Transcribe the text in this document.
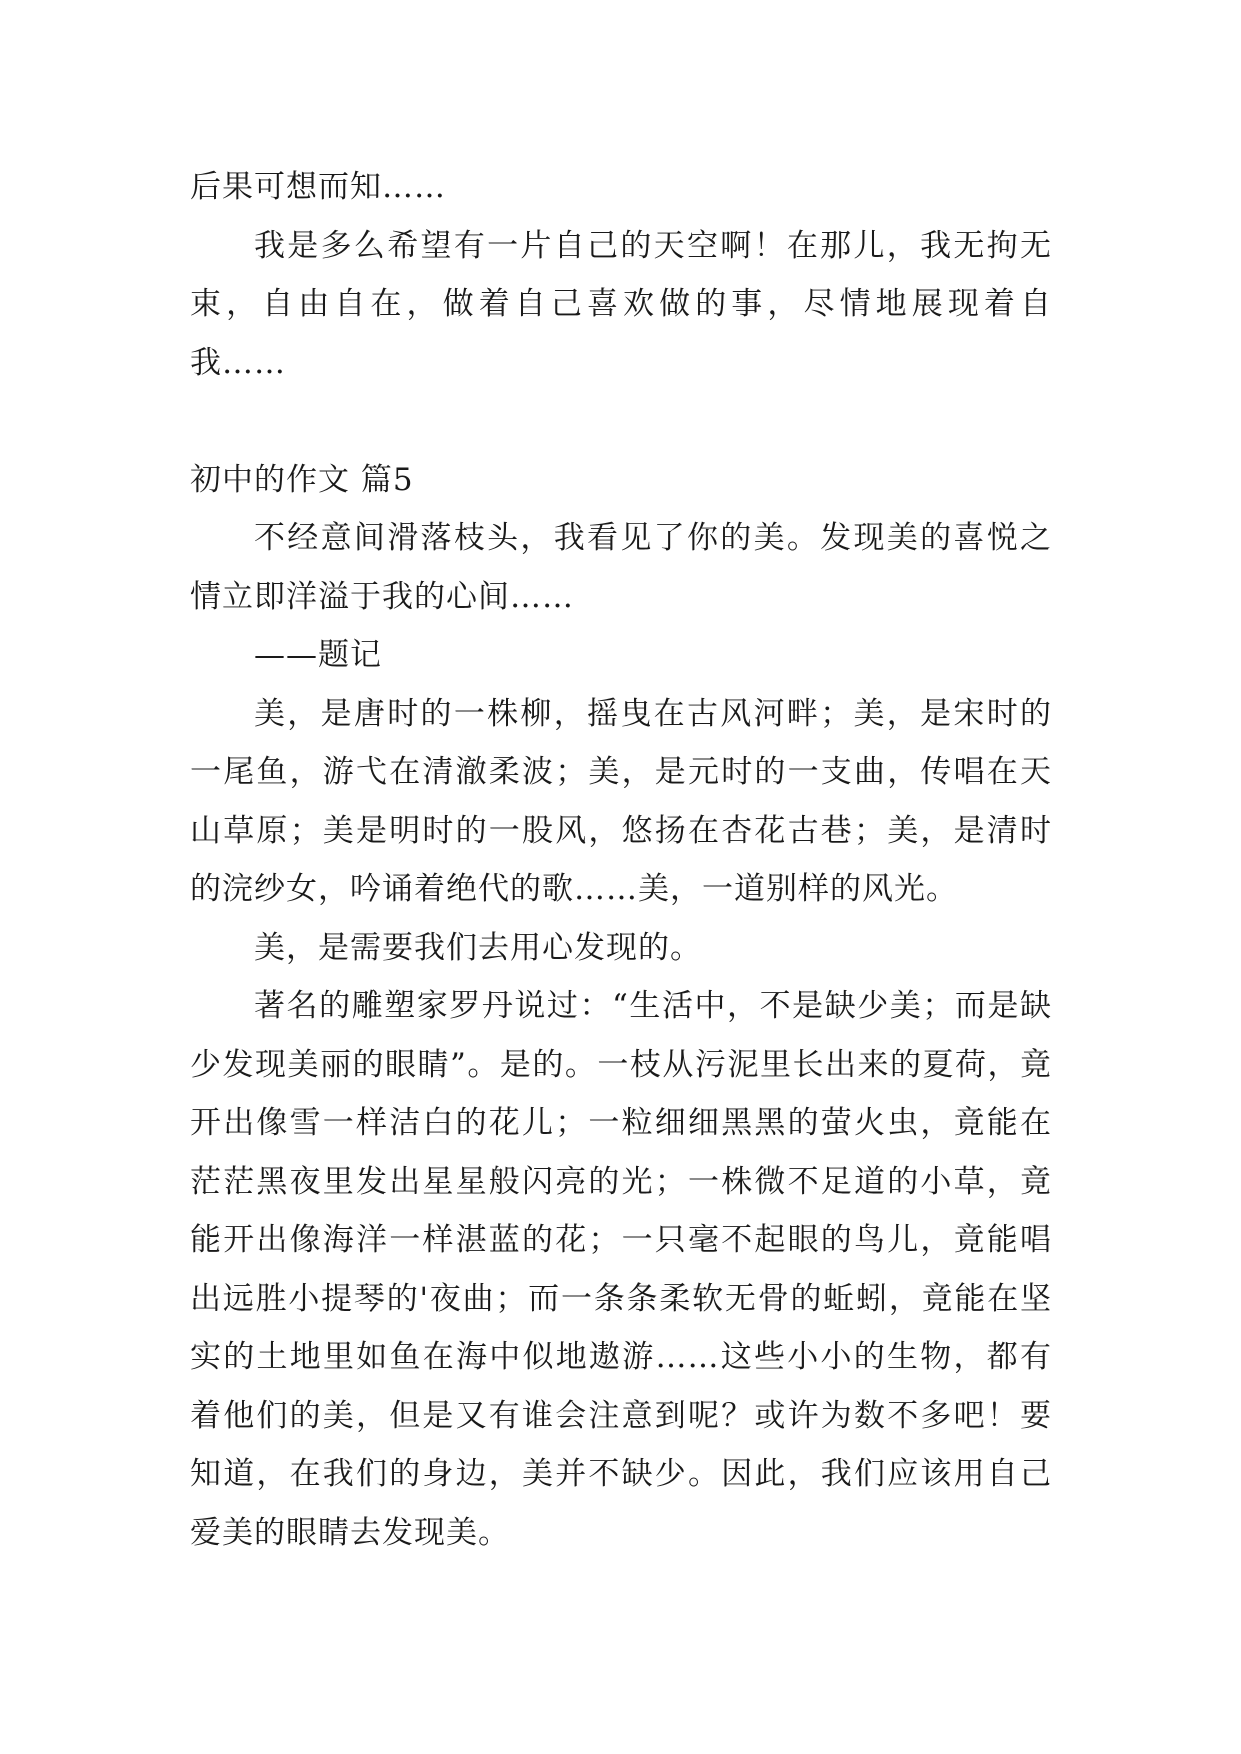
后果可想而知……

我是多么希望有一片自己的天空啊！在那儿，我无拘无束，自由自在，做着自己喜欢做的事，尽情地展现着自我……

初中的作文 篇5

不经意间滑落枝头，我看见了你的美。发现美的喜悦之情立即洋溢于我的心间……

——题记

美，是唐时的一株柳，摇曳在古风河畔；美，是宋时的一尾鱼，游弋在清澈柔波；美，是元时的一支曲，传唱在天山草原；美是明时的一股风，悠扬在杏花古巷；美，是清时的浣纱女，吟诵着绝代的歌……美，一道别样的风光。

美，是需要我们去用心发现的。

著名的雕塑家罗丹说过：“生活中，不是缺少美；而是缺少发现美丽的眼睛”。是的。一枝从污泥里长出来的夏荷，竟开出像雪一样洁白的花儿；一粒细细黑黑的萤火虫，竟能在茫茫黑夜里发出星星般闪亮的光；一株微不足道的小草，竟能开出像海洋一样湛蓝的花；一只毫不起眼的鸟儿，竟能唱出远胜小提琴的'夜曲；而一条条柔软无骨的蚯蚓，竟能在坚实的土地里如鱼在海中似地遨游……这些小小的生物，都有着他们的美，但是又有谁会注意到呢？或许为数不多吧！要知道，在我们的身边，美并不缺少。因此，我们应该用自己爱美的眼睛去发现美。
